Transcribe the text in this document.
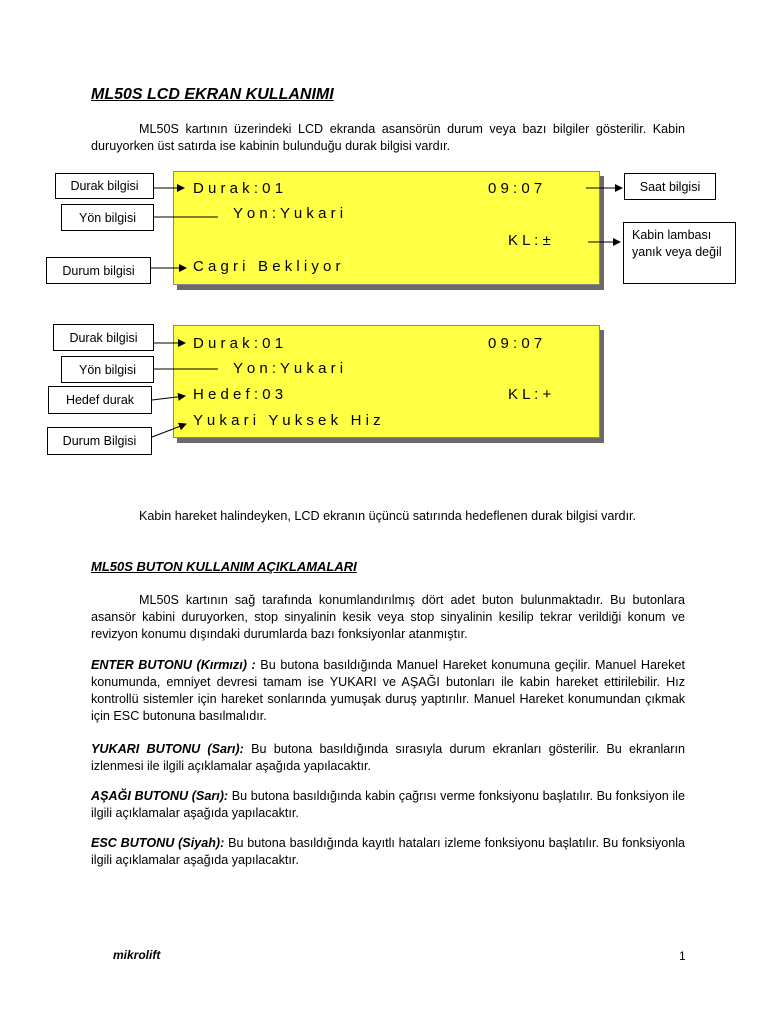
ML50S LCD EKRAN KULLANIMI
ML50S kartının üzerindeki LCD ekranda asansörün durum veya bazı bilgiler gösterilir. Kabin duruyorken üst satırda ise kabinin bulunduğu durak bilgisi vardır.
D u r a k : 0 1	0 9 : 0 7
Y o n : Y u k a r i
K L : ±
C a g r i   B e k l i y o r
Durak bilgisi
Yön bilgisi
Durum bilgisi
Saat bilgisi
Kabin lambası yanık veya değil
D u r a k : 0 1	0 9 : 0 7
Y o n : Y u k a r i
H e d e f : 0 3	K L : +
Y u k a r i   Y u k s e k   H i z
Durak bilgisi
Yön bilgisi
Hedef durak
Durum Bilgisi
Kabin hareket halindeyken, LCD ekranın üçüncü satırında hedeflenen durak bilgisi vardır.
ML50S BUTON KULLANIM AÇIKLAMALARI
ML50S kartının sağ tarafında konumlandırılmış dört adet buton bulunmaktadır. Bu butonlara asansör kabini duruyorken, stop sinyalinin kesik veya stop sinyalinin kesilip tekrar verildiği konum ve revizyon konumu dışındaki durumlarda bazı fonksiyonlar atanmıştır.
ENTER BUTONU (Kırmızı) : Bu butona basıldığında Manuel Hareket konumuna geçilir. Manuel Hareket konumunda, emniyet devresi tamam ise YUKARI ve AŞAĞI butonları ile kabin hareket ettirilebilir. Hız kontrollü sistemler için hareket sonlarında yumuşak duruş yaptırılır. Manuel Hareket konumundan çıkmak için ESC butonuna basılmalıdır.
YUKARI BUTONU (Sarı): Bu butona basıldığında sırasıyla durum ekranları gösterilir. Bu ekranların izlenmesi ile ilgili açıklamalar aşağıda yapılacaktır.
AŞAĞI BUTONU (Sarı): Bu butona basıldığında kabin çağrısı verme fonksiyonu başlatılır. Bu fonksiyon ile ilgili açıklamalar aşağıda yapılacaktır.
ESC BUTONU (Siyah): Bu butona basıldığında kayıtlı hataları izleme fonksiyonu başlatılır. Bu fonksiyonla ilgili açıklamalar aşağıda yapılacaktır.
mikrolift	1
